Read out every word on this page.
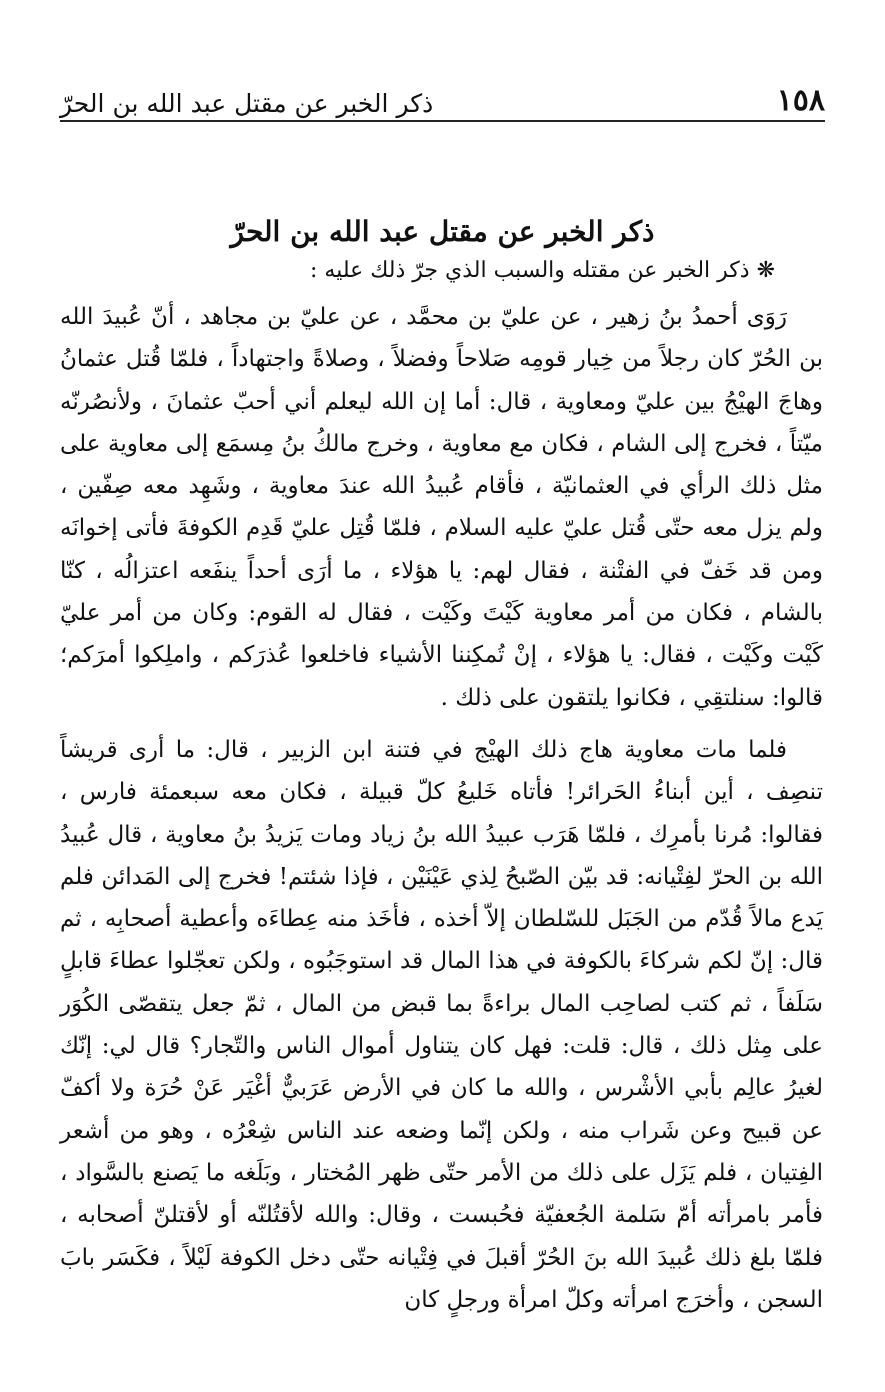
١٥٨
ذكر الخبر عن مقتل عبد الله بن الحرّ
ذكر الخبر عن مقتل عبد الله بن الحرّ
❋ ذكر الخبر عن مقتله والسبب الذي جرّ ذلك عليه :

رَوَى أحمدُ بنُ زهير ، عن عليّ بن محمَّد ، عن عليّ بن مجاهد ، أنّ عُبيدَ الله بن الحُرّ كان رجلاً من خِيار قومِه صَلاحاً وفضلاً ، وصلاةً واجتهاداً ، فلمّا قُتل عثمانُ وهاجَ الهيْجُ بين عليّ ومعاوية ، قال: أما إن الله ليعلم أني أحبّ عثمانَ ، ولأنصُرنّه ميّتاً ، فخرج إلى الشام ، فكان مع معاوية ، وخرج مالكُ بنُ مِسمَع إلى معاوية على مثل ذلك الرأي في العثمانيّة ، فأقام عُبيدُ الله عندَ معاوية ، وشَهِد معه صِفّين ، ولم يزل معه حتّى قُتل عليّ عليه السلام ، فلمّا قُتِل عليّ قَدِم الكوفةَ فأتى إخوانَه ومن قد خَفّ في الفتْنة ، فقال لهم: يا هؤلاء ، ما أرَى أحداً ينفَعه اعتزالُه ، كنّا بالشام ، فكان من أمر معاوية كَيْتَ وكَيْت ، فقال له القوم: وكان من أمر عليّ كَيْت وكَيْت ، فقال: يا هؤلاء ، إنْ تُمكِننا الأشياء فاخلعوا عُذرَكم ، واملِكوا أمرَكم؛ قالوا: سنلتقِي ، فكانوا يلتقون على ذلك .

فلما مات معاوية هاج ذلك الهيْج في فتنة ابن الزبير ، قال: ما أرى قريشاً تنصِف ، أين أبناءُ الحَرائر! فأتاه خَليعُ كلّ قبيلة ، فكان معه سبعمئة فارس ، فقالوا: مُرنا بأمرِك ، فلمّا هَرَب عبيدُ الله بنُ زياد ومات يَزيدُ بنُ معاوية ، قال عُبيدُ الله بن الحرّ لفِتْيانه: قد بيّن الصّبحُ لِذي عَيْنَيْن ، فإذا شئتم! فخرج إلى المَدائن فلم يَدع مالاً قُدّم من الجَبَل للسّلطان إلاّ أخذه ، فأخَذ منه عِطاءَه وأعطية أصحابِه ، ثم قال: إنّ لكم شركاءَ بالكوفة في هذا المال قد استوجَبُوه ، ولكن تعجّلوا عطاءَ قابلٍ سَلَفاً ، ثم كتب لصاحِب المال براءةً بما قبض من المال ، ثمّ جعل يتقصّى الكُوَر على مِثل ذلك ، قال: قلت: فهل كان يتناول أموال الناس والتّجار؟ قال لي: إنّك لغيرُ عالِم بأبي الأشْرس ، والله ما كان في الأرض عَرَبيٌّ أغْيَر عَنْ حُرَة ولا أكفّ عن قبيح وعن شَراب منه ، ولكن إنّما وضعه عند الناس شِعْرُه ، وهو من أشعر الفِتيان ، فلم يَزَل على ذلك من الأمر حتّى ظهر المُختار ، وبَلَغه ما يَصنع بالسَّواد ، فأمر بامرأته أمّ سَلمة الجُعفيّة فحُبست ، وقال: والله لأقتُلنّه أو لأقتلنّ أصحابه ، فلمّا بلغ ذلك عُبيدَ الله بنَ الحُرّ أقبلَ في فِتْيانه حتّى دخل الكوفة لَيْلاً ، فكَسَر بابَ السجن ، وأخرَج امرأته وكلّ امرأة ورجلٍ كان
